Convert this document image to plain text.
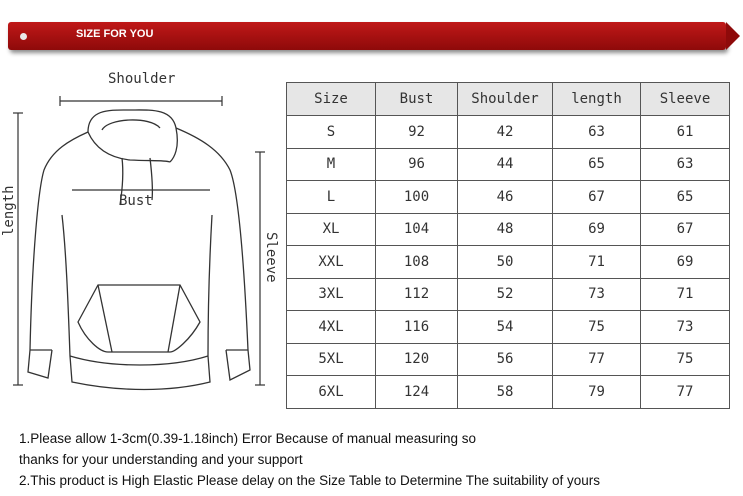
SIZE FOR YOU
Shoulder
Bust
length
Sleeve
Size	Bust	Shoulder	length	Sleeve
S	92	42	63	61
M	96	44	65	63
L	100	46	67	65
XL	104	48	69	67
XXL	108	50	71	69
3XL	112	52	73	71
4XL	116	54	75	73
5XL	120	56	77	75
6XL	124	58	79	77
1.Please allow 1-3cm(0.39-1.18inch) Error Because of manual measuring so
thanks for your understanding and your support
2.This product is High Elastic Please delay on the Size Table to Determine The suitability of yours
